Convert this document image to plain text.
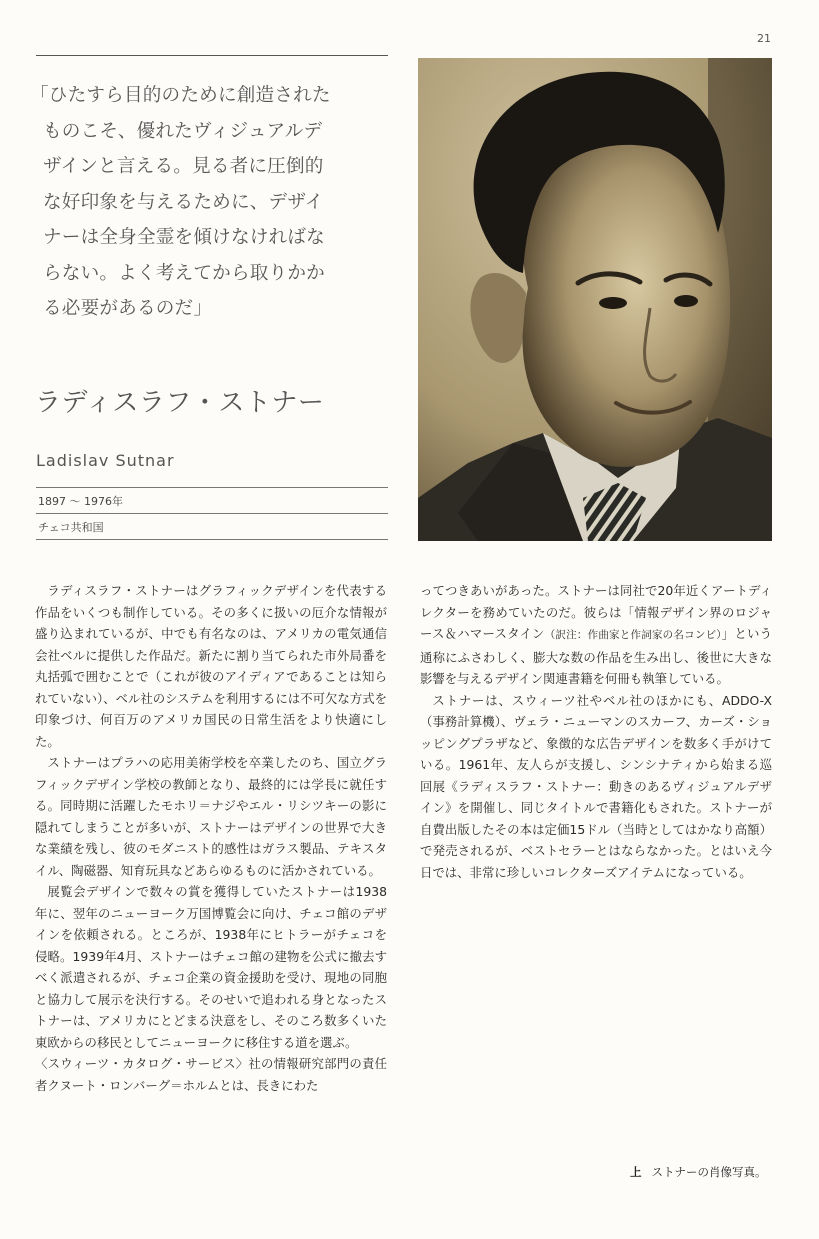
21
「ひたすら目的のために創造された
ものこそ、優れたヴィジュアルデ
ザインと言える。見る者に圧倒的
な好印象を与えるために、デザイ
ナーは全身全霊を傾けなければな
らない。よく考えてから取りかか
る必要があるのだ」
ラディスラフ・ストナー
Ladislav Sutnar
1897 ～ 1976年
チェコ共和国

ラディスラフ・ストナーはグラフィックデザインを代表する作品をいくつも制作している。その多くに扱いの厄介な情報が盛り込まれているが、中でも有名なのは、アメリカの電気通信会社ベルに提供した作品だ。新たに割り当てられた市外局番を丸括弧で囲むことで（これが彼のアイディアであることは知られていない）、ベル社のシステムを利用するには不可欠な方式を印象づけ、何百万のアメリカ国民の日常生活をより快適にした。

ストナーはプラハの応用美術学校を卒業したのち、国立グラフィックデザイン学校の教師となり、最終的には学長に就任する。同時期に活躍したモホリ＝ナジやエル・リシツキーの影に隠れてしまうことが多いが、ストナーはデザインの世界で大きな業績を残し、彼のモダニスト的感性はガラス製品、テキスタイル、陶磁器、知育玩具などあらゆるものに活かされている。

展覧会デザインで数々の賞を獲得していたストナーは1938年に、翌年のニューヨーク万国博覧会に向け、チェコ館のデザインを依頼される。ところが、1938年にヒトラーがチェコを侵略。1939年4月、ストナーはチェコ館の建物を公式に撤去すべく派遣されるが、チェコ企業の資金援助を受け、現地の同胞と協力して展示を決行する。そのせいで追われる身となったストナーは、アメリカにとどまる決意をし、そのころ数多くいた東欧からの移民としてニューヨークに移住する道を選ぶ。

〈スウィーツ・カタログ・サービス〉社の情報研究部門の責任者クヌート・ロンバーグ＝ホルムとは、長きにわた

ってつきあいがあった。ストナーは同社で20年近くアートディレクターを務めていたのだ。彼らは「情報デザイン界のロジャース＆ハマースタイン（訳注：作曲家と作詞家の名コンビ）」という通称にふさわしく、膨大な数の作品を生み出し、後世に大きな影響を与えるデザイン関連書籍を何冊も執筆している。

ストナーは、スウィーツ社やベル社のほかにも、ADDO-X（事務計算機）、ヴェラ・ニューマンのスカーフ、カーズ・ショッピングプラザなど、象徴的な広告デザインを数多く手がけている。1961年、友人らが支援し、シンシナティから始まる巡回展《ラディスラフ・ストナー：動きのあるヴィジュアルデザイン》を開催し、同じタイトルで書籍化もされた。ストナーが自費出版したその本は定価15ドル（当時としてはかなり高額）で発売されるが、ベストセラーとはならなかった。とはいえ今日では、非常に珍しいコレクターズアイテムになっている。

上 ストナーの肖像写真。
